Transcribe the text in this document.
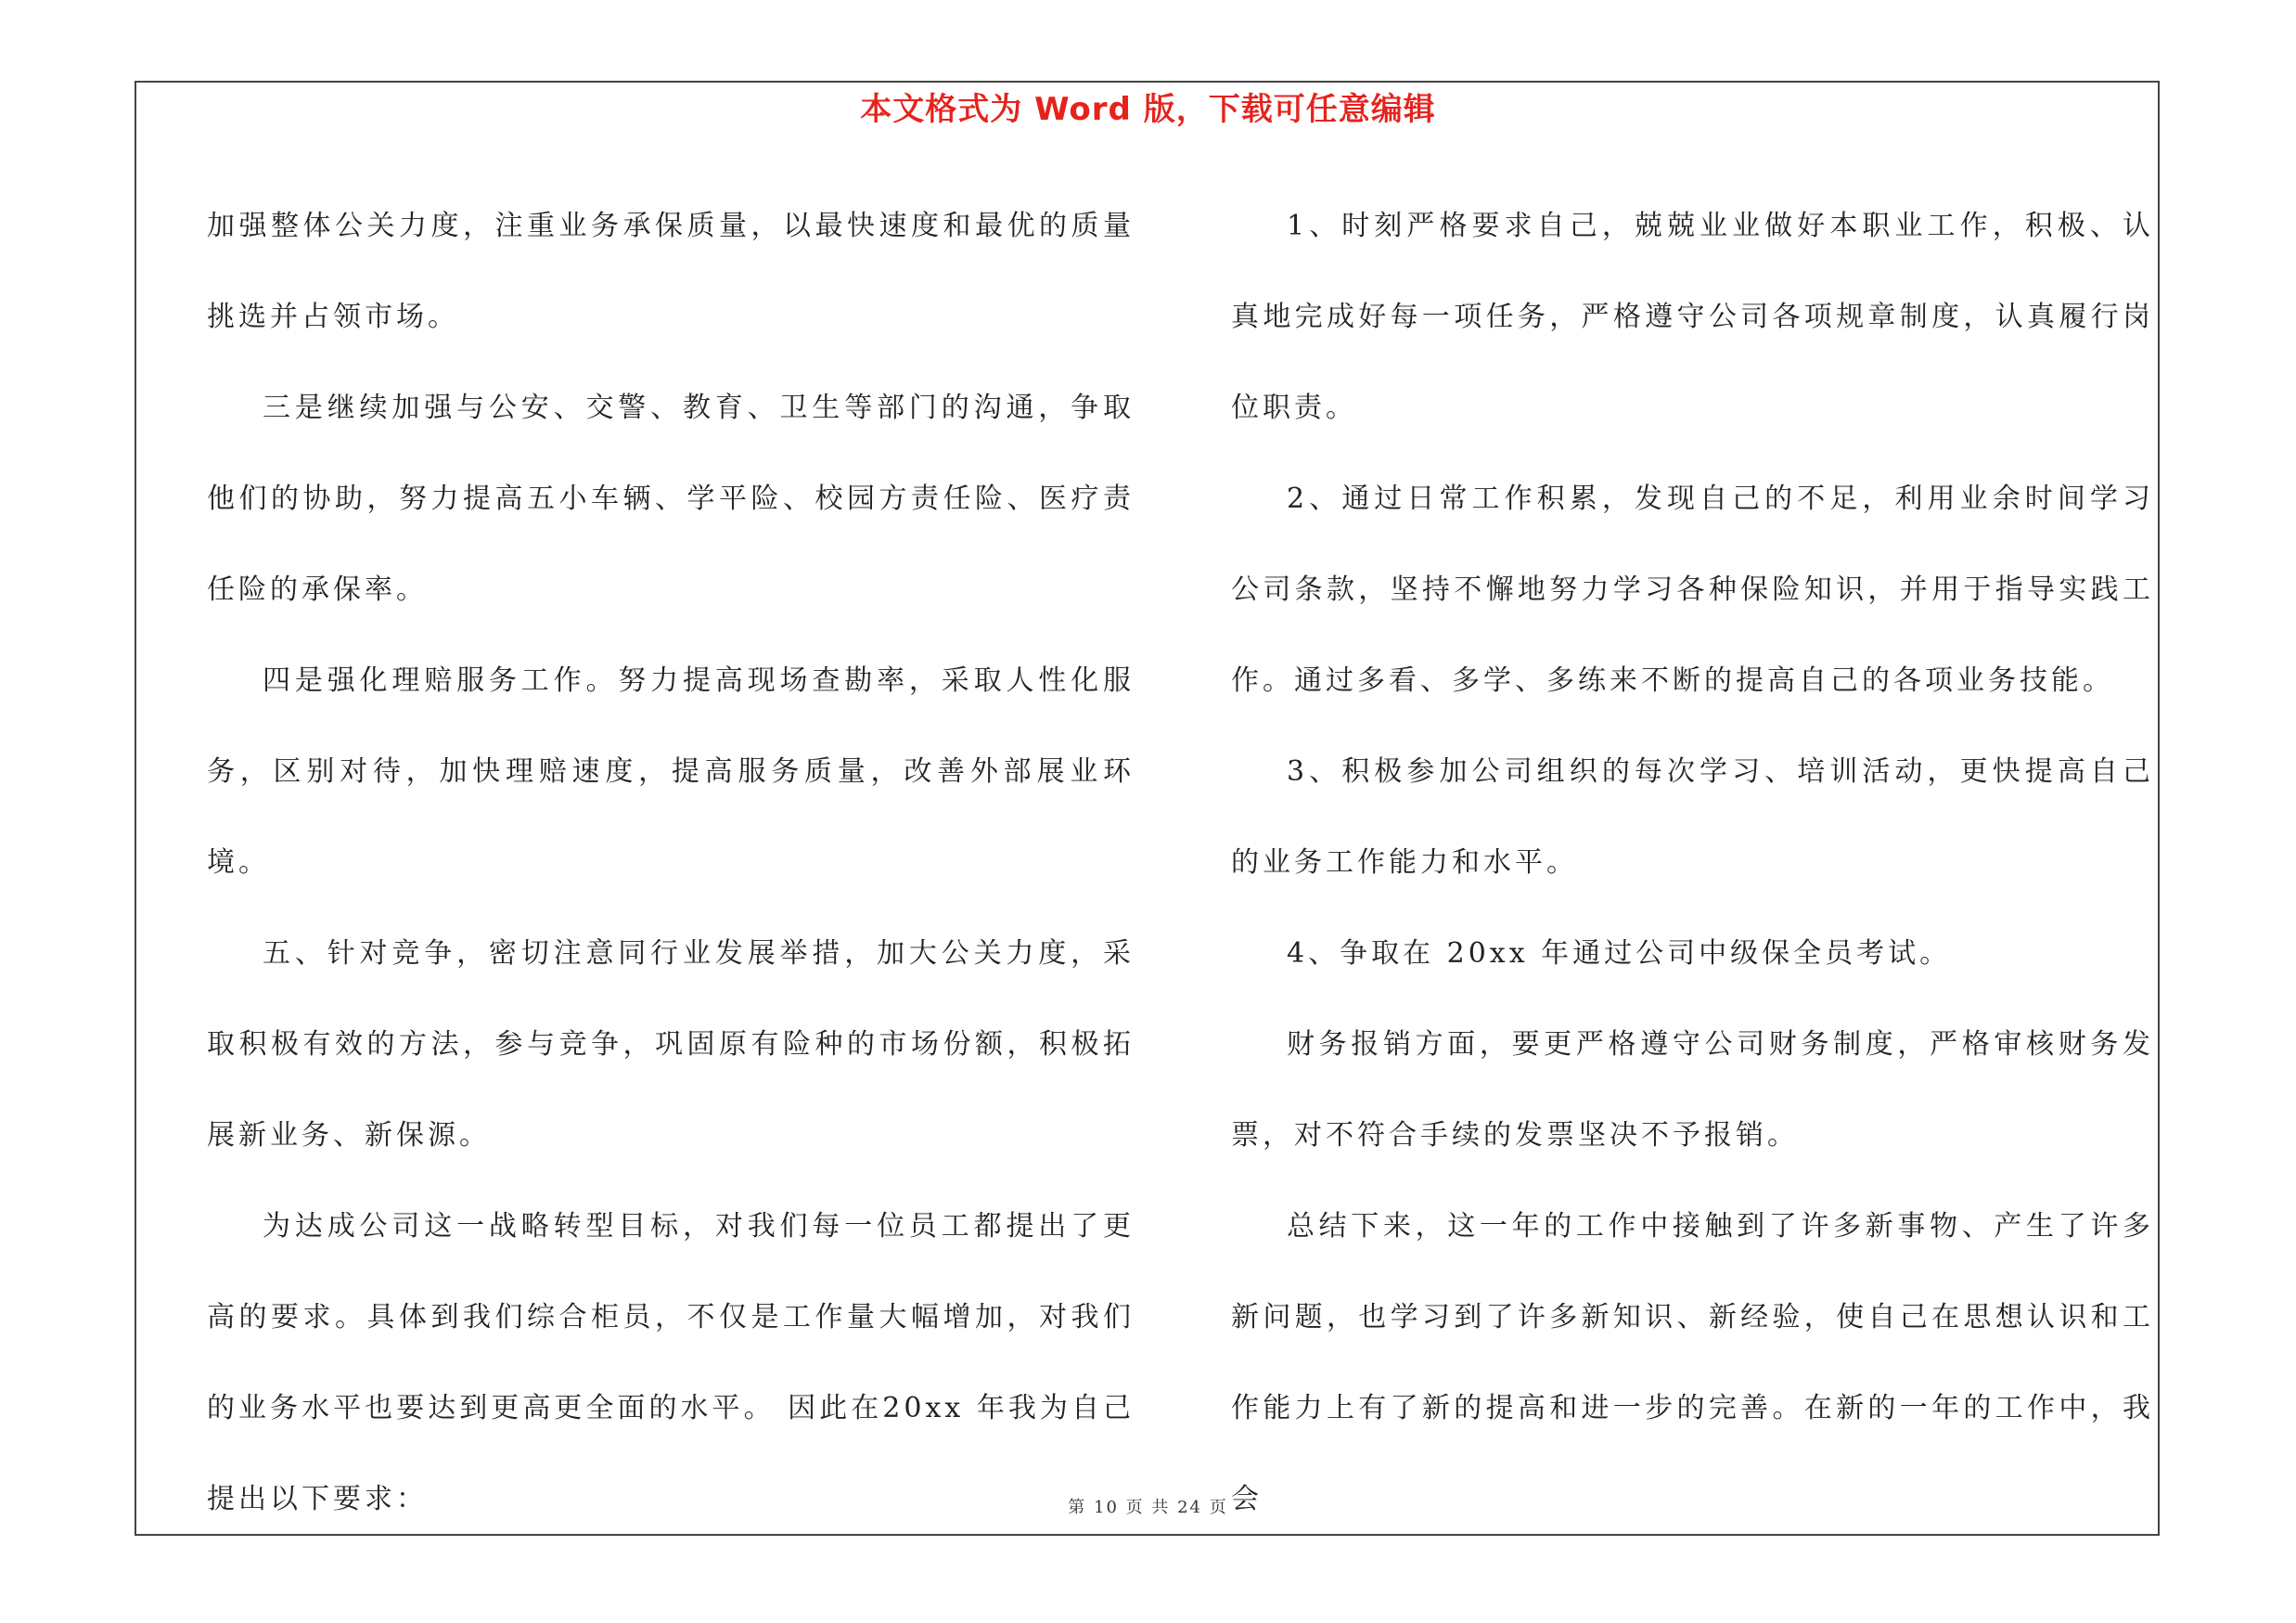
本文格式为 Word 版，下载可任意编辑

加强整体公关力度，注重业务承保质量，以最快速度和最优的质量挑选并占领市场。

三是继续加强与公安、交警、教育、卫生等部门的沟通，争取他们的协助，努力提高五小车辆、学平险、校园方责任险、医疗责任险的承保率。

四是强化理赔服务工作。努力提高现场查勘率，采取人性化服务，区别对待，加快理赔速度，提高服务质量，改善外部展业环境。

五、针对竞争，密切注意同行业发展举措，加大公关力度，采取积极有效的方法，参与竞争，巩固原有险种的市场份额，积极拓展新业务、新保源。

为达成公司这一战略转型目标，对我们每一位员工都提出了更高的要求。具体到我们综合柜员，不仅是工作量大幅增加，对我们的业务水平也要达到更高更全面的水平。 因此在20xx 年我为自己提出以下要求：

1、时刻严格要求自己，兢兢业业做好本职业工作，积极、认真地完成好每一项任务，严格遵守公司各项规章制度，认真履行岗位职责。

2、通过日常工作积累，发现自己的不足，利用业余时间学习公司条款，坚持不懈地努力学习各种保险知识，并用于指导实践工作。通过多看、多学、多练来不断的提高自己的各项业务技能。

3、积极参加公司组织的每次学习、培训活动，更快提高自己的业务工作能力和水平。

4、争取在 20xx 年通过公司中级保全员考试。

财务报销方面，要更严格遵守公司财务制度，严格审核财务发票，对不符合手续的发票坚决不予报销。

总结下来，这一年的工作中接触到了许多新事物、产生了许多新问题，也学习到了许多新知识、新经验，使自己在思想认识和工作能力上有了新的提高和进一步的完善。在新的一年的工作中，我会

第 10 页 共 24 页
